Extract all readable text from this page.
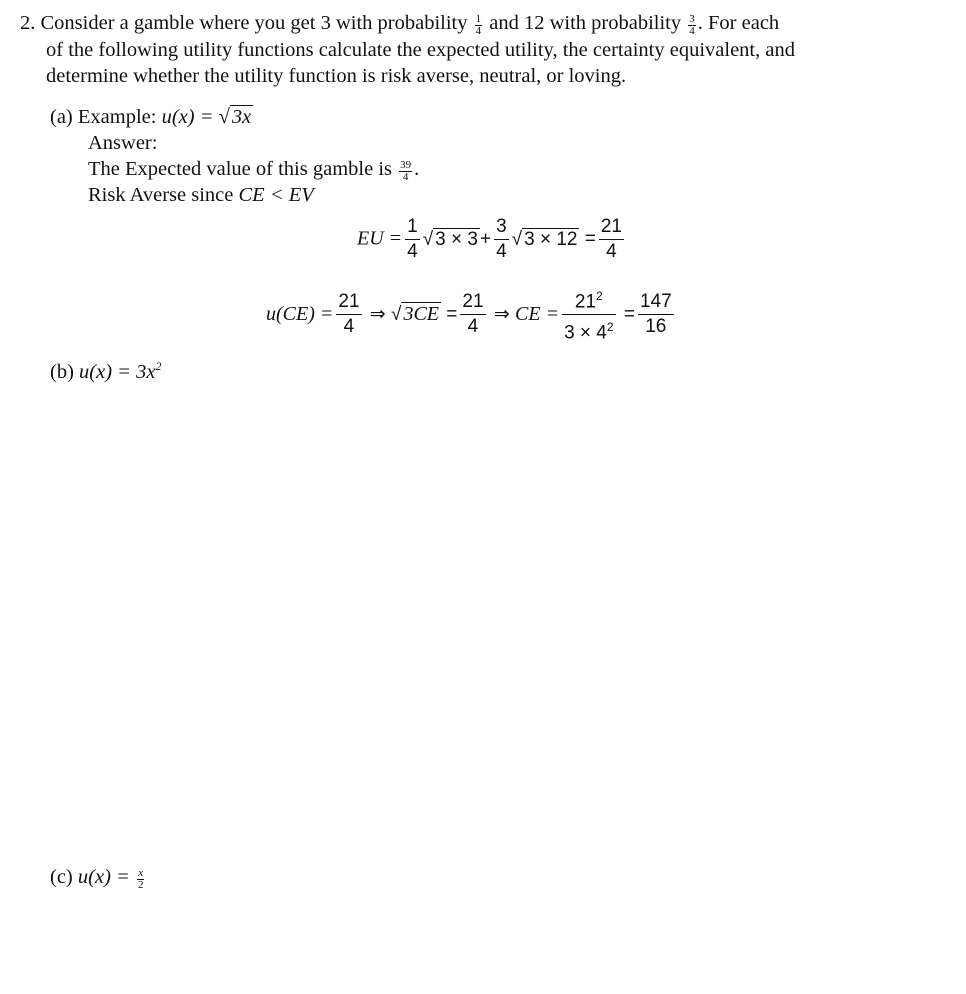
2. Consider a gamble where you get 3 with probability $\frac{1}{4}$ and 12 with probability $\frac{3}{4}$ . For each
of the following utility functions calculate the expected utility, the certainty equivalent, and
determine whether the utility function is risk averse, neutral, or loving.
(a) Example: u(x) = √3x
Answer:
The Expected value of this gamble is $\frac{39}{4}$ .
Risk Averse since CE < EV
EU = $\frac{1}{4}$ √ $3 \times 3 + \frac{3}{4}$ √ $3 \times 12 = \frac{21}{4}$
$u(CE) = \frac{21}{4}$ ⇒ √ $3CE = \frac{21}{4}$ ⇒ CE = $\frac{21^2}{3 \times 4^2} = \frac{147}{16}$
(b) $u(x) = 3x^2$
(c) $u(x) = \frac{x}{2}$
